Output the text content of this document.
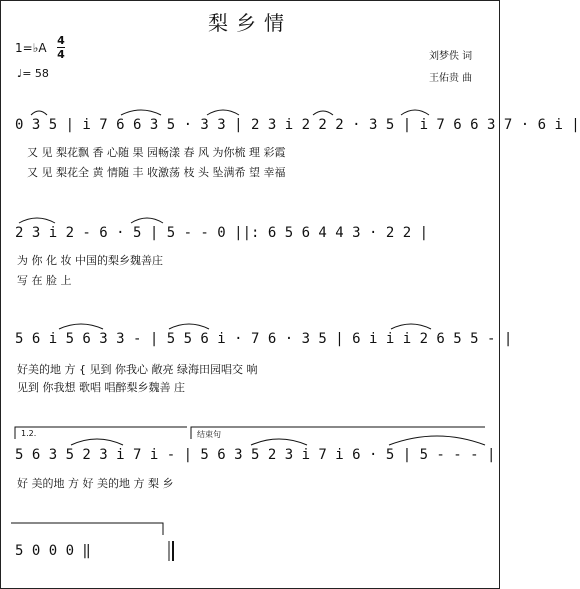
梨乡情
1=♭A
4
4
♩= 58
刘梦佚 词
王佑贵 曲
0 3 5 | i 7 6 6 3 5 · 3 3 | 2 3 i 2 2 2 · 3 5 | i 7 6 6 3 7 · 6 i |
又 见 梨花飘 香 心随 果 园畅漾 春 风 为你梳 理 彩霞
又 见 梨花全 黄 情随 丰 收激荡 枝 头 坠满希 望 幸福
2 3 i 2 - 6 · 5 | 5 - - 0 ||: 6 5 6 4 4 3 · 2 2 |
为 你 化 妆 中国的梨乡魏善庄
写 在 脸 上
5 6 i 5 6 3 3 - | 5 5 6 i · 7 6 · 3 5 | 6 i i i 2 6 5 5 - |
好美的地 方 { 见到 你我心 敞亮 绿海田园唱交 响
见到 你我想 歌唱 唱醉梨乡魏善 庄
1.2.	结束句
5 6 3 5 2 3 i 7 i - | 5 6 3 5 2 3 i 7 i 6 · 5 | 5 - - - |
好 美的地 方 好 美的地 方 梨 乡
5 0 0 0 ‖
